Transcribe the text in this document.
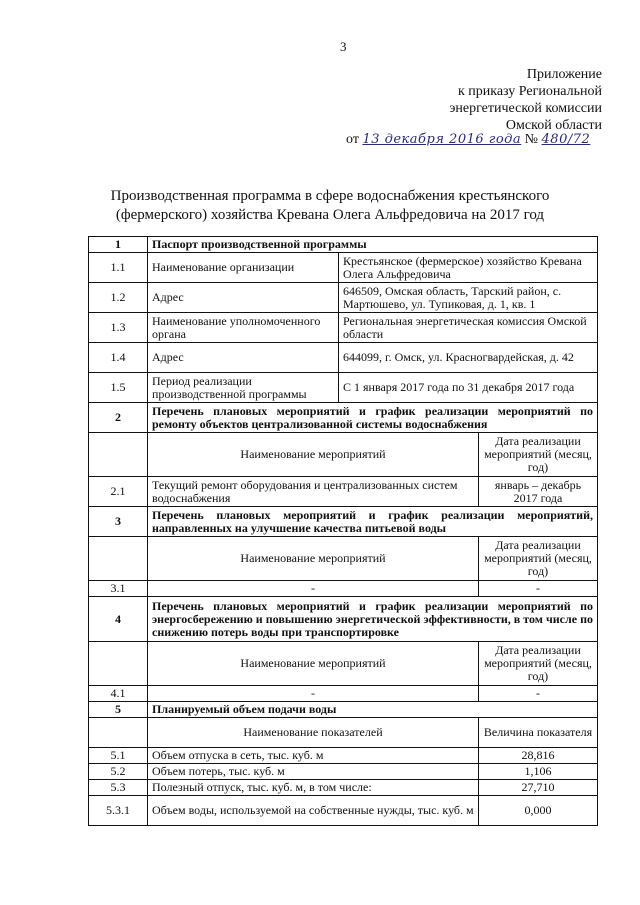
3
Приложение
к приказу Региональной
энергетической комиссии
Омской области
от 13 декабря 2016 года № 480/72
Производственная программа в сфере водоснабжения крестьянского (фермерского) хозяйства Кревана Олега Альфредовича на 2017 год
1	Паспорт производственной программы		
1.1	Наименование организации	Крестьянское (фермерское) хозяйство Кревана Олега Альфредовича	
1.2	Адрес	646509, Омская область, Тарский район, с. Мартюшево, ул. Тупиковая, д. 1, кв. 1	
1.3	Наименование уполномоченного органа	Региональная энергетическая комиссия Омской области	
1.4	Адрес	644099, г. Омск, ул. Красногвардейская, д. 42	
1.5	Период реализации производственной программы	С 1 января 2017 года по 31 декабря 2017 года	
2	Перечень плановых мероприятий и график реализации мероприятий по ремонту объектов централизованной системы водоснабжения		
	Наименование мероприятий		Дата реализации мероприятий (месяц, год)
2.1	Текущий ремонт оборудования и централизованных систем водоснабжения		январь – декабрь 2017 года
3	Перечень плановых мероприятий и график реализации мероприятий, направленных на улучшение качества питьевой воды		
	Наименование мероприятий		Дата реализации мероприятий (месяц, год)
3.1	-		-
4	Перечень плановых мероприятий и график реализации мероприятий по энергосбережению и повышению энергетической эффективности, в том числе по снижению потерь воды при транспортировке		
	Наименование мероприятий		Дата реализации мероприятий (месяц, год)
4.1	-		-
5	Планируемый объем подачи воды		
	Наименование показателей		Величина показателя
5.1	Объем отпуска в сеть, тыс. куб. м		28,816
5.2	Объем потерь, тыс. куб. м		1,106
5.3	Полезный отпуск, тыс. куб. м, в том числе:		27,710
5.3.1	Объем воды, используемой на собственные нужды, тыс. куб. м		0,000
